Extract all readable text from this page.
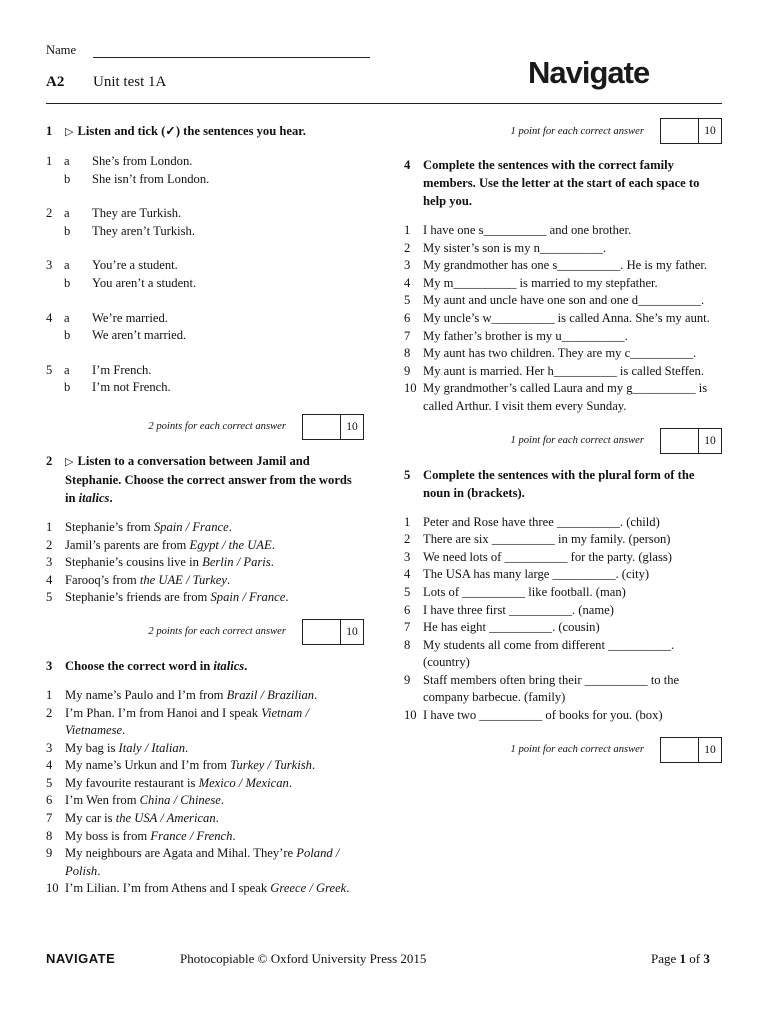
Name
A2 Unit test 1A	Navigate
1	▷ Listen and tick (✓) the sentences you hear.
1 a	She’s from London.
b	She isn’t from London.
2 a	They are Turkish.
b	They aren’t Turkish.
3 a	You’re a student.
b	You aren’t a student.
4 a	We’re married.
b	We aren’t married.
5 a	I’m French.
b	I’m not French.
2 points for each correct answer	10
2	▷ Listen to a conversation between Jamil and Stephanie. Choose the correct answer from the words in italics.
1	Stephanie’s from Spain / France.
2	Jamil’s parents are from Egypt / the UAE.
3	Stephanie’s cousins live in Berlin / Paris.
4	Farooq’s from the UAE / Turkey.
5	Stephanie’s friends are from Spain / France.
2 points for each correct answer	10
3	Choose the correct word in italics.
1	My name’s Paulo and I’m from Brazil / Brazilian.
2	I’m Phan. I’m from Hanoi and I speak Vietnam / Vietnamese.
3	My bag is Italy / Italian.
4	My name’s Urkun and I’m from Turkey / Turkish.
5	My favourite restaurant is Mexico / Mexican.
6	I’m Wen from China / Chinese.
7	My car is the USA / American.
8	My boss is from France / French.
9	My neighbours are Agata and Mihal. They’re Poland / Polish.
10 I’m Lilian. I’m from Athens and I speak Greece / Greek.
1 point for each correct answer	10
4	Complete the sentences with the correct family members. Use the letter at the start of each space to help you.
1	I have one s__________ and one brother.
2	My sister’s son is my n__________.
3	My grandmother has one s__________. He is my father.
4	My m__________ is married to my stepfather.
5	My aunt and uncle have one son and one d__________.
6	My uncle’s w__________ is called Anna. She’s my aunt.
7	My father’s brother is my u__________.
8	My aunt has two children. They are my c__________.
9	My aunt is married. Her h__________ is called Steffen.
10 My grandmother’s called Laura and my g__________ is called Arthur. I visit them every Sunday.
1 point for each correct answer	10
5	Complete the sentences with the plural form of the noun in (brackets).
1	Peter and Rose have three __________. (child)
2	There are six __________ in my family. (person)
3	We need lots of __________ for the party. (glass)
4	The USA has many large __________. (city)
5	Lots of __________ like football. (man)
6	I have three first __________. (name)
7	He has eight __________. (cousin)
8	My students all come from different __________. (country)
9	Staff members often bring their __________ to the company barbecue. (family)
10 I have two __________ of books for you. (box)
1 point for each correct answer	10
NAVIGATE	Photocopiable © Oxford University Press 2015	Page 1 of 3
